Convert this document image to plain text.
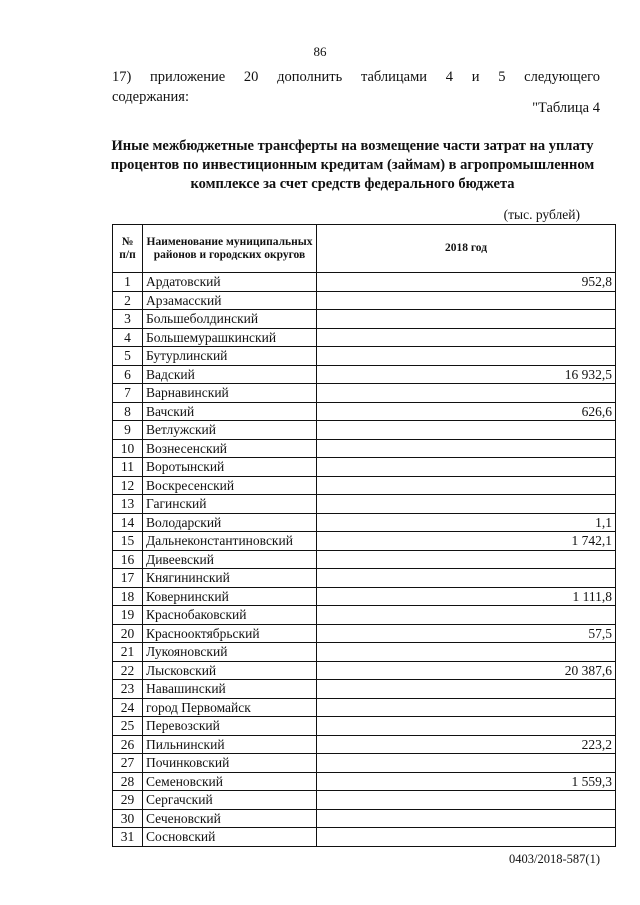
86
17) приложение 20 дополнить таблицами 4 и 5 следующего
содержания:
"Таблица 4
Иные межбюджетные трансферты на возмещение части затрат на уплату процентов по инвестиционным кредитам (займам) в агропромышленном комплексе за счет средств федерального бюджета
(тыс. рублей)
№ п/п	Наименование муниципальных районов и городских округов	2018 год
1	Ардатовский	952,8
2	Арзамасский	
3	Большеболдинский	
4	Большемурашкинский	
5	Бутурлинский	
6	Вадский	16 932,5
7	Варнавинский	
8	Вачский	626,6
9	Ветлужский	
10	Вознесенский	
11	Воротынский	
12	Воскресенский	
13	Гагинский	
14	Володарский	1,1
15	Дальнеконстантиновский	1 742,1
16	Дивеевский	
17	Княгининский	
18	Ковернинский	1 111,8
19	Краснобаковский	
20	Краснооктябрьский	57,5
21	Лукояновский	
22	Лысковский	20 387,6
23	Навашинский	
24	город Первомайск	
25	Перевозский	
26	Пильнинский	223,2
27	Починковский	
28	Семеновский	1 559,3
29	Сергачский	
30	Сеченовский	
31	Сосновский	
0403/2018-587(1)
